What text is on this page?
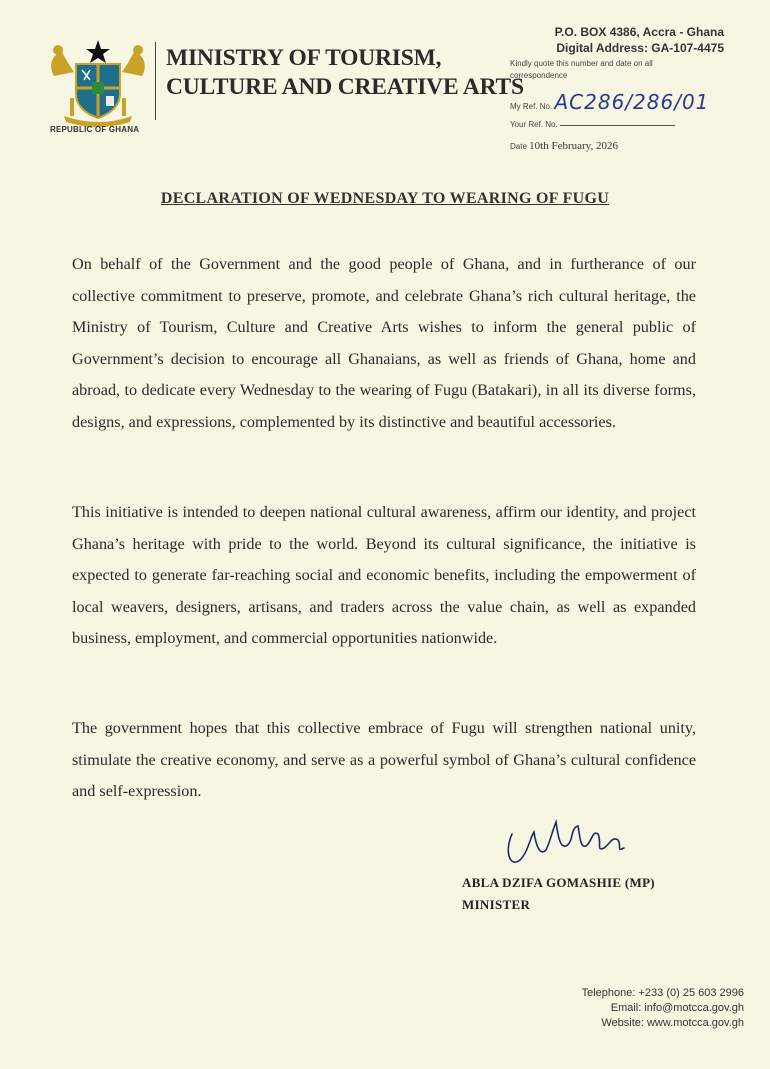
REPUBLIC OF GHANA
MINISTRY OF TOURISM,
CULTURE AND CREATIVE ARTS
P.O. BOX 4386, Accra - Ghana
Digital Address: GA-107-4475
Kindly quote this number and date on all correspondence
My Ref. No. AC286/286/01
Your Ref. No.
Date 10th February, 2026
DECLARATION OF WEDNESDAY TO WEARING OF FUGU
On behalf of the Government and the good people of Ghana, and in furtherance of our collective commitment to preserve, promote, and celebrate Ghana’s rich cultural heritage, the Ministry of Tourism, Culture and Creative Arts wishes to inform the general public of Government’s decision to encourage all Ghanaians, as well as friends of Ghana, home and abroad, to dedicate every Wednesday to the wearing of Fugu (Batakari), in all its diverse forms, designs, and expressions, complemented by its distinctive and beautiful accessories.
This initiative is intended to deepen national cultural awareness, affirm our identity, and project Ghana’s heritage with pride to the world. Beyond its cultural significance, the initiative is expected to generate far-reaching social and economic benefits, including the empowerment of local weavers, designers, artisans, and traders across the value chain, as well as expanded business, employment, and commercial opportunities nationwide.
The government hopes that this collective embrace of Fugu will strengthen national unity, stimulate the creative economy, and serve as a powerful symbol of Ghana’s cultural confidence and self-expression.
ABLA DZIFA GOMASHIE (MP)
MINISTER
Telephone: +233 (0) 25 603 2996
Email: info@motcca.gov.gh
Website: www.motcca.gov.gh
